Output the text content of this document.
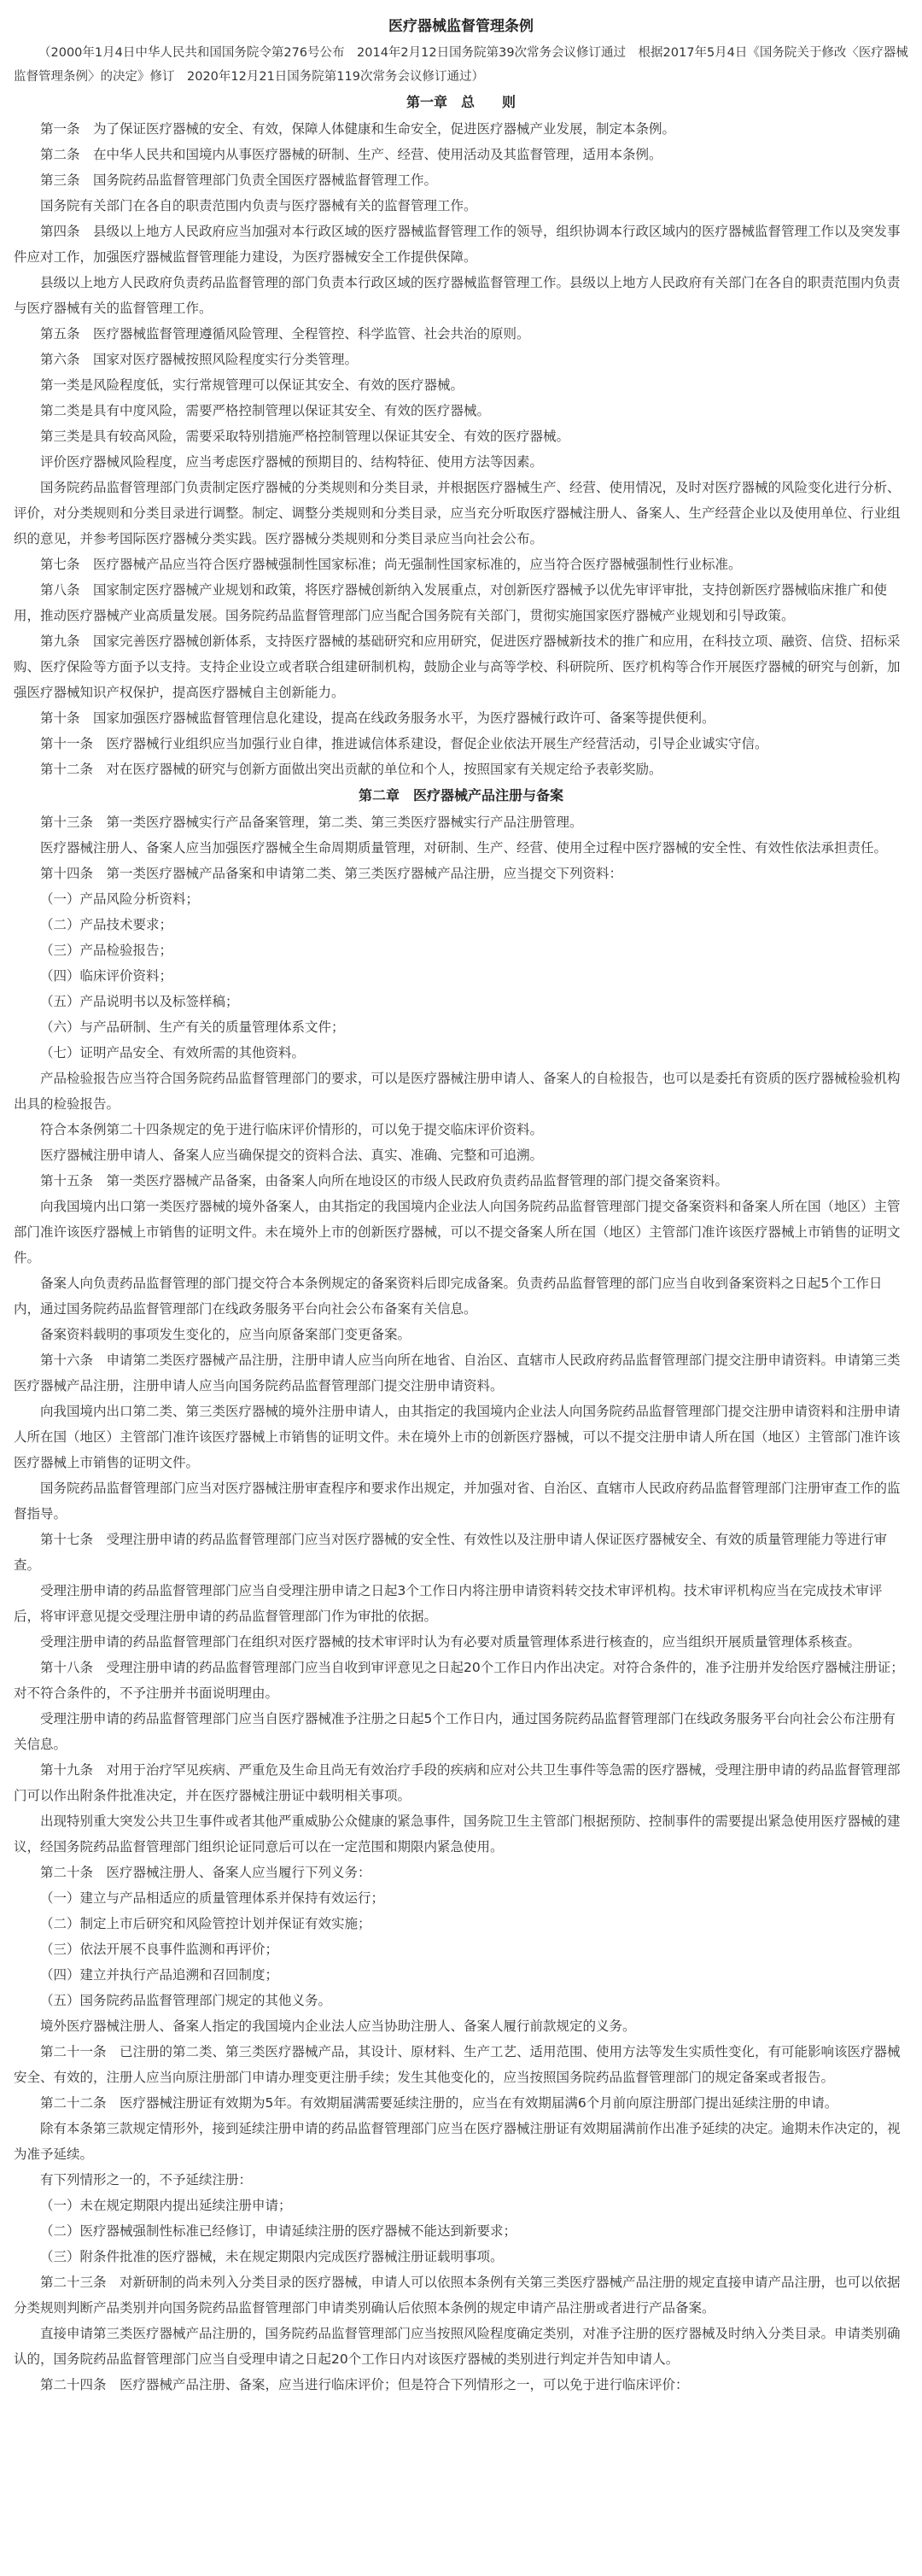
医疗器械监督管理条例
（2000年1月4日中华人民共和国国务院令第276号公布　2014年2月12日国务院第39次常务会议修订通过　根据2017年5月4日《国务院关于修改〈医疗器械监督管理条例〉的决定》修订　2020年12月21日国务院第119次常务会议修订通过）
第一章　总　　则

第一条　为了保证医疗器械的安全、有效，保障人体健康和生命安全，促进医疗器械产业发展，制定本条例。

第二条　在中华人民共和国境内从事医疗器械的研制、生产、经营、使用活动及其监督管理，适用本条例。

第三条　国务院药品监督管理部门负责全国医疗器械监督管理工作。

国务院有关部门在各自的职责范围内负责与医疗器械有关的监督管理工作。

第四条　县级以上地方人民政府应当加强对本行政区域的医疗器械监督管理工作的领导，组织协调本行政区域内的医疗器械监督管理工作以及突发事件应对工作，加强医疗器械监督管理能力建设，为医疗器械安全工作提供保障。

县级以上地方人民政府负责药品监督管理的部门负责本行政区域的医疗器械监督管理工作。县级以上地方人民政府有关部门在各自的职责范围内负责与医疗器械有关的监督管理工作。

第五条　医疗器械监督管理遵循风险管理、全程管控、科学监管、社会共治的原则。

第六条　国家对医疗器械按照风险程度实行分类管理。

第一类是风险程度低，实行常规管理可以保证其安全、有效的医疗器械。

第二类是具有中度风险，需要严格控制管理以保证其安全、有效的医疗器械。

第三类是具有较高风险，需要采取特别措施严格控制管理以保证其安全、有效的医疗器械。

评价医疗器械风险程度，应当考虑医疗器械的预期目的、结构特征、使用方法等因素。

国务院药品监督管理部门负责制定医疗器械的分类规则和分类目录，并根据医疗器械生产、经营、使用情况，及时对医疗器械的风险变化进行分析、评价，对分类规则和分类目录进行调整。制定、调整分类规则和分类目录，应当充分听取医疗器械注册人、备案人、生产经营企业以及使用单位、行业组织的意见，并参考国际医疗器械分类实践。医疗器械分类规则和分类目录应当向社会公布。

第七条　医疗器械产品应当符合医疗器械强制性国家标准；尚无强制性国家标准的，应当符合医疗器械强制性行业标准。

第八条　国家制定医疗器械产业规划和政策，将医疗器械创新纳入发展重点，对创新医疗器械予以优先审评审批，支持创新医疗器械临床推广和使用，推动医疗器械产业高质量发展。国务院药品监督管理部门应当配合国务院有关部门，贯彻实施国家医疗器械产业规划和引导政策。

第九条　国家完善医疗器械创新体系，支持医疗器械的基础研究和应用研究，促进医疗器械新技术的推广和应用，在科技立项、融资、信贷、招标采购、医疗保险等方面予以支持。支持企业设立或者联合组建研制机构，鼓励企业与高等学校、科研院所、医疗机构等合作开展医疗器械的研究与创新，加强医疗器械知识产权保护，提高医疗器械自主创新能力。

第十条　国家加强医疗器械监督管理信息化建设，提高在线政务服务水平，为医疗器械行政许可、备案等提供便利。

第十一条　医疗器械行业组织应当加强行业自律，推进诚信体系建设，督促企业依法开展生产经营活动，引导企业诚实守信。

第十二条　对在医疗器械的研究与创新方面做出突出贡献的单位和个人，按照国家有关规定给予表彰奖励。

第二章　医疗器械产品注册与备案

第十三条　第一类医疗器械实行产品备案管理，第二类、第三类医疗器械实行产品注册管理。

医疗器械注册人、备案人应当加强医疗器械全生命周期质量管理，对研制、生产、经营、使用全过程中医疗器械的安全性、有效性依法承担责任。

第十四条　第一类医疗器械产品备案和申请第二类、第三类医疗器械产品注册，应当提交下列资料：

（一）产品风险分析资料；

（二）产品技术要求；

（三）产品检验报告；

（四）临床评价资料；

（五）产品说明书以及标签样稿；

（六）与产品研制、生产有关的质量管理体系文件；

（七）证明产品安全、有效所需的其他资料。

产品检验报告应当符合国务院药品监督管理部门的要求，可以是医疗器械注册申请人、备案人的自检报告，也可以是委托有资质的医疗器械检验机构出具的检验报告。

符合本条例第二十四条规定的免于进行临床评价情形的，可以免于提交临床评价资料。

医疗器械注册申请人、备案人应当确保提交的资料合法、真实、准确、完整和可追溯。

第十五条　第一类医疗器械产品备案，由备案人向所在地设区的市级人民政府负责药品监督管理的部门提交备案资料。

向我国境内出口第一类医疗器械的境外备案人，由其指定的我国境内企业法人向国务院药品监督管理部门提交备案资料和备案人所在国（地区）主管部门准许该医疗器械上市销售的证明文件。未在境外上市的创新医疗器械，可以不提交备案人所在国（地区）主管部门准许该医疗器械上市销售的证明文件。

备案人向负责药品监督管理的部门提交符合本条例规定的备案资料后即完成备案。负责药品监督管理的部门应当自收到备案资料之日起5个工作日内，通过国务院药品监督管理部门在线政务服务平台向社会公布备案有关信息。

备案资料载明的事项发生变化的，应当向原备案部门变更备案。

第十六条　申请第二类医疗器械产品注册，注册申请人应当向所在地省、自治区、直辖市人民政府药品监督管理部门提交注册申请资料。申请第三类医疗器械产品注册，注册申请人应当向国务院药品监督管理部门提交注册申请资料。

向我国境内出口第二类、第三类医疗器械的境外注册申请人，由其指定的我国境内企业法人向国务院药品监督管理部门提交注册申请资料和注册申请人所在国（地区）主管部门准许该医疗器械上市销售的证明文件。未在境外上市的创新医疗器械，可以不提交注册申请人所在国（地区）主管部门准许该医疗器械上市销售的证明文件。

国务院药品监督管理部门应当对医疗器械注册审查程序和要求作出规定，并加强对省、自治区、直辖市人民政府药品监督管理部门注册审查工作的监督指导。

第十七条　受理注册申请的药品监督管理部门应当对医疗器械的安全性、有效性以及注册申请人保证医疗器械安全、有效的质量管理能力等进行审查。

受理注册申请的药品监督管理部门应当自受理注册申请之日起3个工作日内将注册申请资料转交技术审评机构。技术审评机构应当在完成技术审评后，将审评意见提交受理注册申请的药品监督管理部门作为审批的依据。

受理注册申请的药品监督管理部门在组织对医疗器械的技术审评时认为有必要对质量管理体系进行核查的，应当组织开展质量管理体系核查。

第十八条　受理注册申请的药品监督管理部门应当自收到审评意见之日起20个工作日内作出决定。对符合条件的，准予注册并发给医疗器械注册证；对不符合条件的，不予注册并书面说明理由。

受理注册申请的药品监督管理部门应当自医疗器械准予注册之日起5个工作日内，通过国务院药品监督管理部门在线政务服务平台向社会公布注册有关信息。

第十九条　对用于治疗罕见疾病、严重危及生命且尚无有效治疗手段的疾病和应对公共卫生事件等急需的医疗器械，受理注册申请的药品监督管理部门可以作出附条件批准决定，并在医疗器械注册证中载明相关事项。

出现特别重大突发公共卫生事件或者其他严重威胁公众健康的紧急事件，国务院卫生主管部门根据预防、控制事件的需要提出紧急使用医疗器械的建议，经国务院药品监督管理部门组织论证同意后可以在一定范围和期限内紧急使用。

第二十条　医疗器械注册人、备案人应当履行下列义务：

（一）建立与产品相适应的质量管理体系并保持有效运行；

（二）制定上市后研究和风险管控计划并保证有效实施；

（三）依法开展不良事件监测和再评价；

（四）建立并执行产品追溯和召回制度；

（五）国务院药品监督管理部门规定的其他义务。

境外医疗器械注册人、备案人指定的我国境内企业法人应当协助注册人、备案人履行前款规定的义务。

第二十一条　已注册的第二类、第三类医疗器械产品，其设计、原材料、生产工艺、适用范围、使用方法等发生实质性变化，有可能影响该医疗器械安全、有效的，注册人应当向原注册部门申请办理变更注册手续；发生其他变化的，应当按照国务院药品监督管理部门的规定备案或者报告。

第二十二条　医疗器械注册证有效期为5年。有效期届满需要延续注册的，应当在有效期届满6个月前向原注册部门提出延续注册的申请。

除有本条第三款规定情形外，接到延续注册申请的药品监督管理部门应当在医疗器械注册证有效期届满前作出准予延续的决定。逾期未作决定的，视为准予延续。

有下列情形之一的，不予延续注册：

（一）未在规定期限内提出延续注册申请；

（二）医疗器械强制性标准已经修订，申请延续注册的医疗器械不能达到新要求；

（三）附条件批准的医疗器械，未在规定期限内完成医疗器械注册证载明事项。

第二十三条　对新研制的尚未列入分类目录的医疗器械，申请人可以依照本条例有关第三类医疗器械产品注册的规定直接申请产品注册，也可以依据分类规则判断产品类别并向国务院药品监督管理部门申请类别确认后依照本条例的规定申请产品注册或者进行产品备案。

直接申请第三类医疗器械产品注册的，国务院药品监督管理部门应当按照风险程度确定类别，对准予注册的医疗器械及时纳入分类目录。申请类别确认的，国务院药品监督管理部门应当自受理申请之日起20个工作日内对该医疗器械的类别进行判定并告知申请人。

第二十四条　医疗器械产品注册、备案，应当进行临床评价；但是符合下列情形之一，可以免于进行临床评价：
